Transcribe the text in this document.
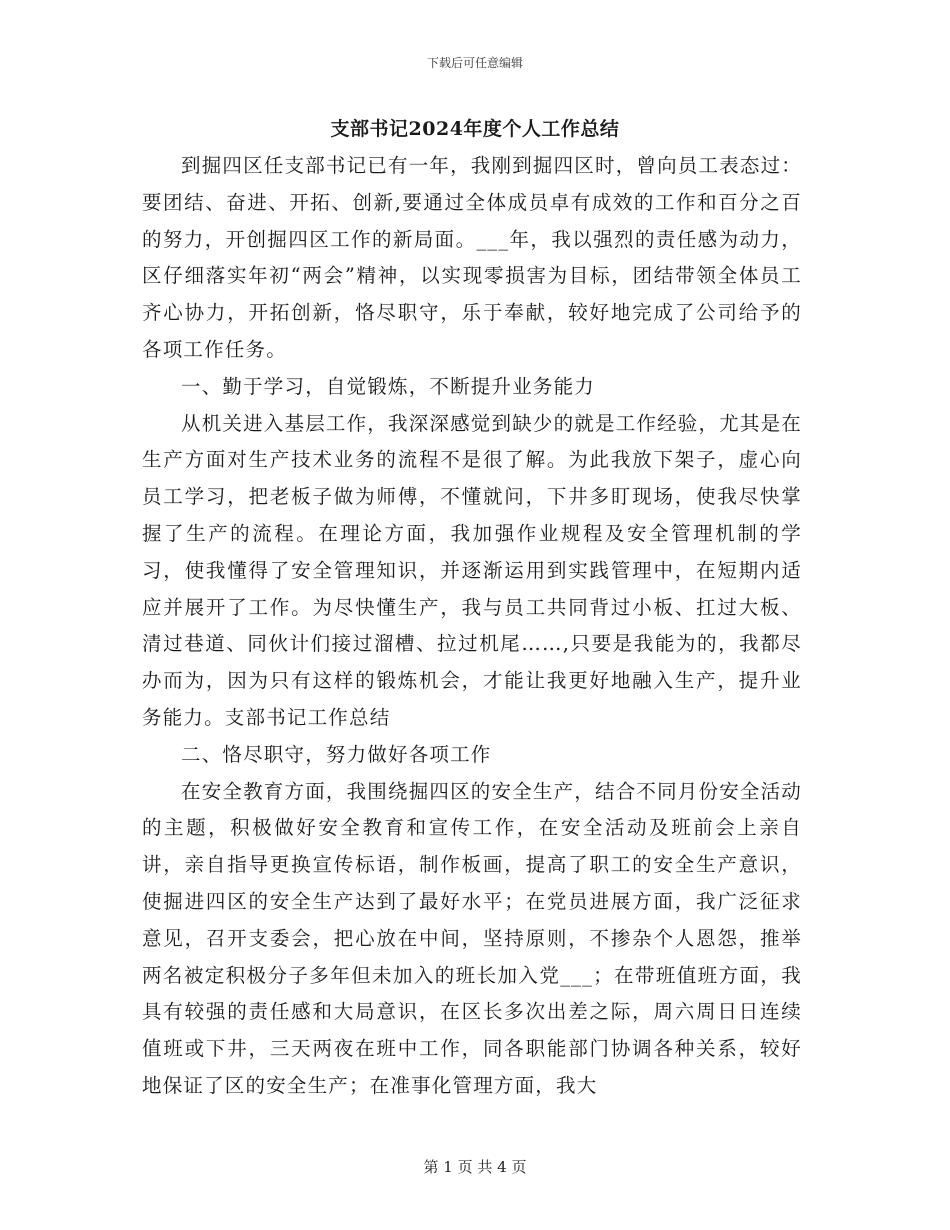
下载后可任意编辑
支部书记2024年度个人工作总结

到掘四区任支部书记已有一年，我刚到掘四区时，曾向员工表态过：要团结、奋进、开拓、创新,要通过全体成员卓有成效的工作和百分之百的努力，开创掘四区工作的新局面。___年，我以强烈的责任感为动力，区仔细落实年初“两会”精神，以实现零损害为目标，团结带领全体员工齐心协力，开拓创新，恪尽职守，乐于奉献，较好地完成了公司给予的各项工作任务。

一、勤于学习，自觉锻炼，不断提升业务能力

从机关进入基层工作，我深深感觉到缺少的就是工作经验，尤其是在生产方面对生产技术业务的流程不是很了解。为此我放下架子，虚心向员工学习，把老板子做为师傅，不懂就问，下井多盯现场，使我尽快掌握了生产的流程。在理论方面，我加强作业规程及安全管理机制的学习，使我懂得了安全管理知识，并逐渐运用到实践管理中，在短期内适应并展开了工作。为尽快懂生产，我与员工共同背过小板、扛过大板、清过巷道、同伙计们接过溜槽、拉过机尾……,只要是我能为的，我都尽办而为，因为只有这样的锻炼机会，才能让我更好地融入生产，提升业务能力。支部书记工作总结

二、恪尽职守，努力做好各项工作

在安全教育方面，我围绕掘四区的安全生产，结合不同月份安全活动的主题，积极做好安全教育和宣传工作，在安全活动及班前会上亲自讲，亲自指导更换宣传标语，制作板画，提高了职工的安全生产意识，使掘进四区的安全生产达到了最好水平；在党员进展方面，我广泛征求意见，召开支委会，把心放在中间，坚持原则，不掺杂个人恩怨，推举两名被定积极分子多年但未加入的班长加入党___；在带班值班方面，我具有较强的责任感和大局意识，在区长多次出差之际，周六周日日连续值班或下井，三天两夜在班中工作，同各职能部门协调各种关系，较好地保证了区的安全生产；在准事化管理方面，我大

第 1 页 共 4 页
